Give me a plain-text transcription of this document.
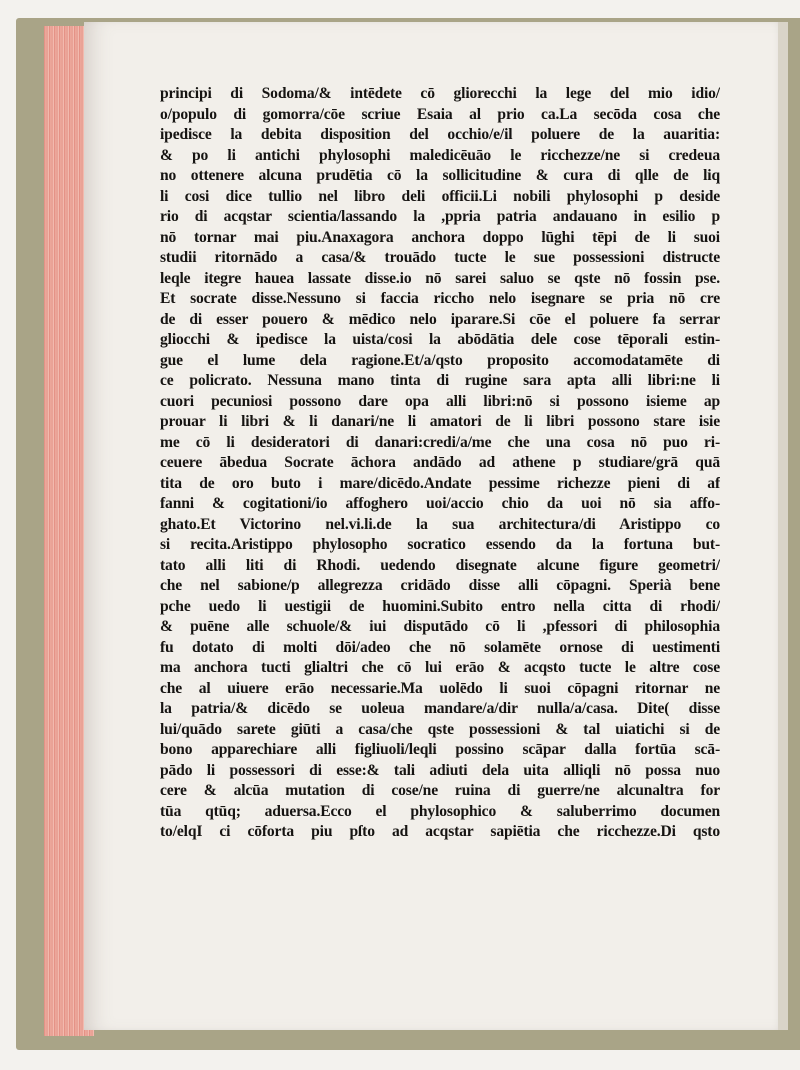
principi di Sodoma/& intēdete cō gliorecchi la lege del mio idio/
o/populo di gomorra/cōe scriue Esaia al prio ca.La secōda cosa che
ipedisce la debita disposition del occhio/e/il poluere de la auaritia:
& po li antichi phylosophi maledicēuāo le ricchezze/ne si credeua
no ottenere alcuna prudētia cō la sollicitudine & cura di qlle de liq
li cosi dice tullio nel libro deli officii.Li nobili phylosophi p deside
rio di acqstar scientia/lassando la ,ppria patria andauano in esilio p
nō tornar mai piu.Anaxagora anchora doppo lūghi tēpi de li suoi
studii ritornādo a casa/& trouādo tucte le sue possessioni distructe
leqle itegre hauea lassate disse.io nō sarei saluo se qste nō fossin pse.
Et socrate disse.Nessuno si faccia riccho nelo isegnare se pria nō cre
de di esser pouero & mēdico nelo iparare.Si cōe el poluere fa serrar
gliocchi & ipedisce la uista/cosi la abōdātia dele cose tēporali estin-
gue el lume dela ragione.Et/a/qsto proposito accomodatamēte di
ce policrato. Nessuna mano tinta di rugine sara apta alli libri:ne li
cuori pecuniosi possono dare opa alli libri:nō si possono isieme ap
prouar li libri & li danari/ne li amatori de li libri possono stare isie
me cō li desideratori di danari:credi/a/me che una cosa nō puo ri-
ceuere ābedua Socrate āchora andādo ad athene p studiare/grā quā
tita de oro buto i mare/dicēdo.Andate pessime richezze pieni di af
fanni & cogitationi/io affoghero uoi/accio chio da uoi nō sia affo-
ghato.Et Victorino nel.vi.li.de la sua architectura/di Aristippo co
si recita.Aristippo phylosopho socratico essendo da la fortuna but-
tato alli liti di Rhodi. uedendo disegnate alcune figure geometri/
che nel sabione/p allegrezza cridādo disse alli cōpagni. Sperià bene
pche uedo li uestigii de huomini.Subito entro nella citta di rhodi/
& puēne alle schuole/& iui disputādo cō li ,pfessori di philosophia
fu dotato di molti dōi/adeo che nō solamēte ornose di uestimenti
ma anchora tucti glialtri che cō lui erāo & acqsto tucte le altre cose
che al uiuere erāo necessarie.Ma uolēdo li suoi cōpagni ritornar ne
la patria/& dicēdo se uoleua mandare/a/dir nulla/a/casa. Dite( disse
lui/quādo sarete giūti a casa/che qste possessioni & tal uiatichi si de
bono apparechiare alli figliuoli/leqli possino scāpar dalla fortūa scā-
pādo li possessori di esse:& tali adiuti dela uita alliqli nō possa nuo
cere & alcūa mutation di cose/ne ruina di guerre/ne alcunaltra for
tūa qtūq; aduersa.Ecco el phylosophico & saluberrimo documen
to/elqI ci cōforta piu pſto ad acqstar sapiētia che ricchezze.Di qsto
